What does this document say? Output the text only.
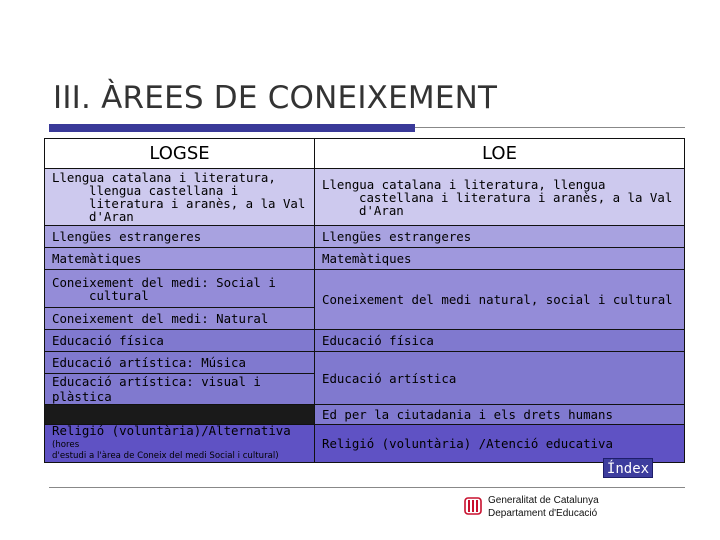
III. ÀREES DE CONEIXEMENT
LOGSE	LOE

Llengua catalana i literatura, llengua castellana i literatura i aranès, a la Val d'Aran	Llengua catalana i literatura, llengua castellana i literatura i aranès, a la Val d'Aran

Llengües estrangeres	Llengües estrangeres
Matemàtiques	Matemàtiques

Coneixement del medi: Social i cultural	Coneixement del medi natural, social i cultural
Coneixement del medi: Natural	
Educació física	Educació física
Educació artística: Música	Educació artística
Educació artística: visual i plàstica	
	Ed per la ciutadania i els drets humans

Religió (voluntària)/Alternativa (hores
d'estudi a l'àrea de Coneix del medi Social i cultural)	Religió (voluntària) /Atenció educativa
Índex
Generalitat de Catalunya
Departament d'Educació
